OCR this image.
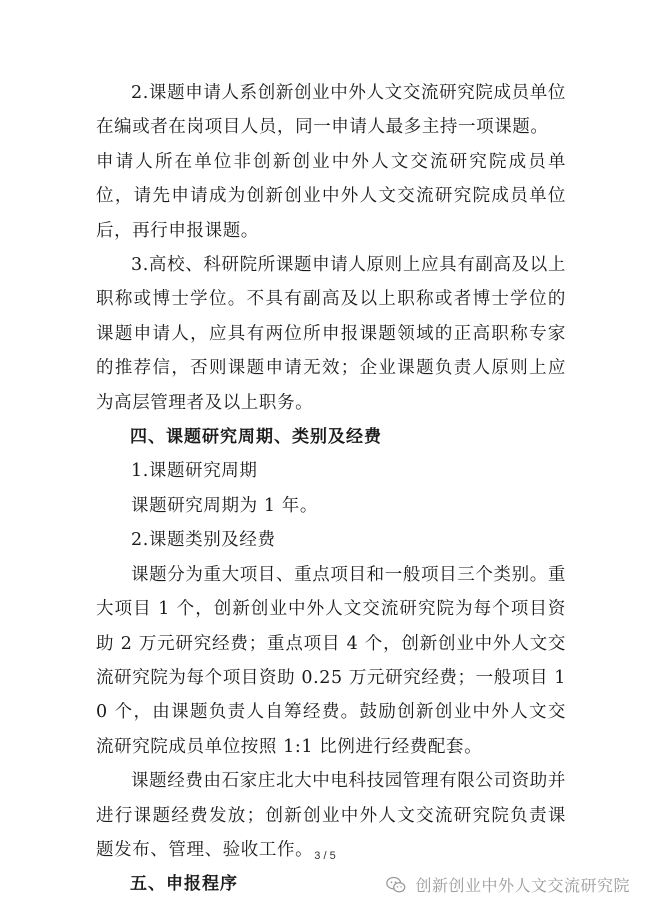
2.课题申请人系创新创业中外人文交流研究院成员单位在编或者在岗项目人员，同一申请人最多主持一项课题。

申请人所在单位非创新创业中外人文交流研究院成员单位，请先申请成为创新创业中外人文交流研究院成员单位后，再行申报课题。

3.高校、科研院所课题申请人原则上应具有副高及以上职称或博士学位。不具有副高及以上职称或者博士学位的课题申请人，应具有两位所申报课题领域的正高职称专家的推荐信，否则课题申请无效；企业课题负责人原则上应为高层管理者及以上职务。

四、课题研究周期、类别及经费

1.课题研究周期

课题研究周期为 1 年。

2.课题类别及经费

课题分为重大项目、重点项目和一般项目三个类别。重大项目 1 个，创新创业中外人文交流研究院为每个项目资助 2 万元研究经费；重点项目 4 个，创新创业中外人文交流研究院为每个项目资助 0.25 万元研究经费；一般项目 10 个，由课题负责人自筹经费。鼓励创新创业中外人文交流研究院成员单位按照 1:1 比例进行经费配套。

课题经费由石家庄北大中电科技园管理有限公司资助并进行课题经费发放；创新创业中外人文交流研究院负责课题发布、管理、验收工作。

五、申报程序

3 / 5
创新创业中外人文交流研究院
